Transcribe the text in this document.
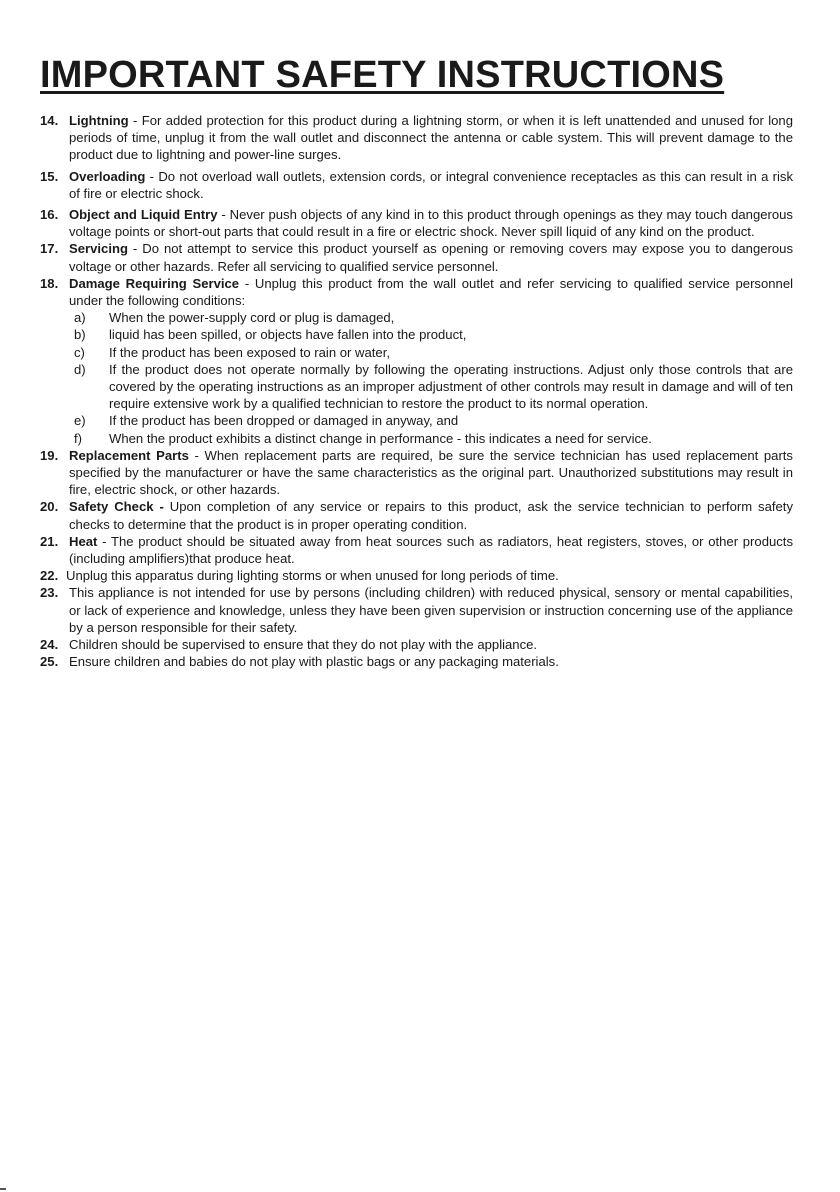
IMPORTANT SAFETY INSTRUCTIONS
14. Lightning - For added protection for this product during a lightning storm, or when it is left unattended and unused for long periods of time, unplug it from the wall outlet and disconnect the antenna or cable system. This will prevent damage to the product due to lightning and power-line surges.
15. Overloading - Do not overload wall outlets, extension cords, or integral convenience receptacles as this can result in a risk of fire or electric shock.
16. Object and Liquid Entry - Never push objects of any kind in to this product through openings as they may touch dangerous voltage points or short-out parts that could result in a fire or electric shock. Never spill liquid of any kind on the product.
17. Servicing - Do not attempt to service this product yourself as opening or removing covers may expose you to dangerous voltage or other hazards. Refer all servicing to qualified service personnel.
18. Damage Requiring Service - Unplug this product from the wall outlet and refer servicing to qualified service personnel under the following conditions:
a)	When the power-supply cord or plug is damaged,
b)	liquid has been spilled, or objects have fallen into the product,
c)	If the product has been exposed to rain or water,
d)	If the product does not operate normally by following the operating instructions. Adjust only those controls that are covered by the operating instructions as an improper adjustment of other controls may result in damage and will of ten require extensive work by a qualified technician to restore the product to its normal operation.
e)	If the product has been dropped or damaged in anyway, and
f)	When the product exhibits a distinct change in performance - this indicates a need for service.
19. Replacement Parts - When replacement parts are required, be sure the service technician has used replacement parts specified by the manufacturer or have the same characteristics as the original part. Unauthorized substitutions may result in fire, electric shock, or other hazards.
20. Safety Check - Upon completion of any service or repairs to this product, ask the service technician to perform safety checks to determine that the product is in proper operating condition.
21. Heat - The product should be situated away from heat sources such as radiators, heat registers, stoves, or other products (including amplifiers)that produce heat.
22. Unplug this apparatus during lighting storms or when unused for long periods of time.
23. This appliance is not intended for use by persons (including children) with reduced physical, sensory or mental capabilities, or lack of experience and knowledge, unless they have been given supervision or instruction concerning use of the appliance by a person responsible for their safety.
24. Children should be supervised to ensure that they do not play with the appliance.
25. Ensure children and babies do not play with plastic bags or any packaging materials.
